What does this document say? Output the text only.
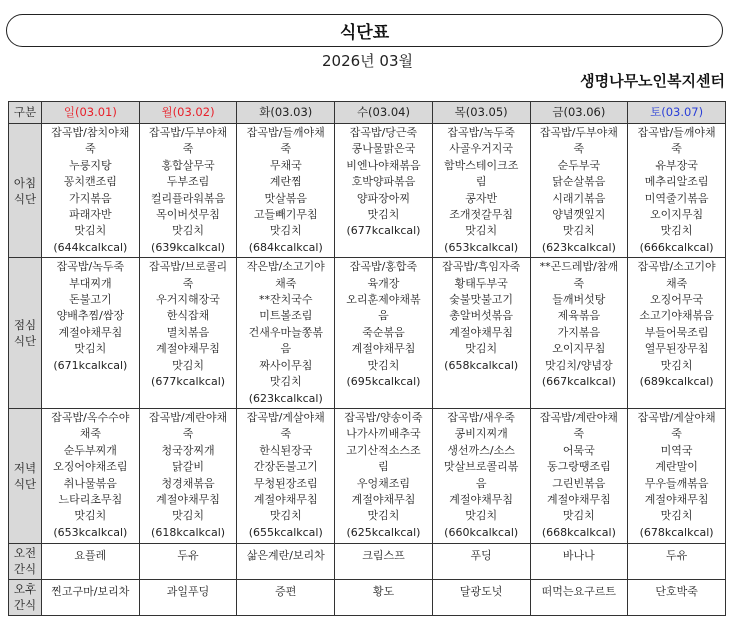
식단표
2026년 03월
생명나무노인복지센터
구분	일(03.01)	월(03.02)	화(03.03)	수(03.04)	목(03.05)	금(03.06)	토(03.07)

아침
식단

잡곡밥/참치야채
죽
누룽지탕
꽁치캔조림
가지볶음
파래자반
맛김치
(644kcalkcal)

잡곡밥/두부야채
죽
홍합살무국
두부조림
컬리플라워볶음
목이버섯무침
맛김치
(639kcalkcal)

잡곡밥/들깨야채
죽
무채국
계란찜
맛살볶음
고들빼기무침
맛김치
(684kcalkcal)

잡곡밥/당근죽
콩나물맑은국
비엔나야채볶음
호박양파볶음
양파장아찌
맛김치
(677kcalkcal)

잡곡밥/녹두죽
사골우거지국
함박스테이크조
림
콩자반
조개젓갈무침
맛김치
(653kcalkcal)

잡곡밥/두부야채
죽
순두부국
닭순살볶음
시래기볶음
양념깻잎지
맛김치
(623kcalkcal)

잡곡밥/들깨야채
죽
유부장국
메추리알조림
미역줄기볶음
오이지무침
맛김치
(666kcalkcal)

점심
식단

잡곡밥/녹두죽
부대찌개
돈불고기
양배추찜/쌈장
계절야채무침
맛김치
(671kcalkcal)

잡곡밥/브로콜리
죽
우거지해장국
한식잡채
멸치볶음
계절야채무침
맛김치
(677kcalkcal)

작은밥/소고기야
채죽
**잔치국수
미트볼조림
건새우마늘쫑볶
음
짜사이무침
맛김치
(623kcalkcal)

잡곡밥/홍합죽
육개장
오리훈제야채볶
음
죽순볶음
계절야채무침
맛김치
(695kcalkcal)

잡곡밥/흑임자죽
황태두부국
숯불맛불고기
총알버섯볶음
계절야채무침
맛김치
(658kcalkcal)

**곤드레밥/참깨
죽
들깨버섯탕
제육볶음
가지볶음
오이지무침
맛김치/양념장
(667kcalkcal)

잡곡밥/소고기야
채죽
오징어무국
소고기야채볶음
부들어묵조림
열무된장무침
맛김치
(689kcalkcal)

저녁
식단

잡곡밥/옥수수야
채죽
순두부찌개
오징어야채조림
취나물볶음
느타리초무침
맛김치
(653kcalkcal)

잡곡밥/계란야채
죽
청국장찌개
닭갈비
청경채볶음
계절야채무침
맛김치
(618kcalkcal)

잡곡밥/게살야채
죽
한식된장국
간장돈불고기
무청된장조림
계절야채무침
맛김치
(655kcalkcal)

잡곡밥/양송이죽
나가사끼배추국
고기산적소스조
림
우엉채조림
계절야채무침
맛김치
(625kcalkcal)

잡곡밥/새우죽
콩비지찌개
생선까스/소스
맛살브로콜리볶
음
계절야채무침
맛김치
(660kcalkcal)

잡곡밥/계란야채
죽
어묵국
동그랑땡조림
그린빈볶음
계절야채무침
맛김치
(668kcalkcal)

잡곡밥/게살야채
죽
미역국
계란말이
무우들깨볶음
계절야채무침
맛김치
(678kcalkcal)

오전
간식	요플레	두유	삶은계란/보리차	크림스프	푸딩	바나나	두유

오후
간식	찐고구마/보리차	과일푸딩	증편	황도	달광도넛	떠먹는요구르트	단호박죽
